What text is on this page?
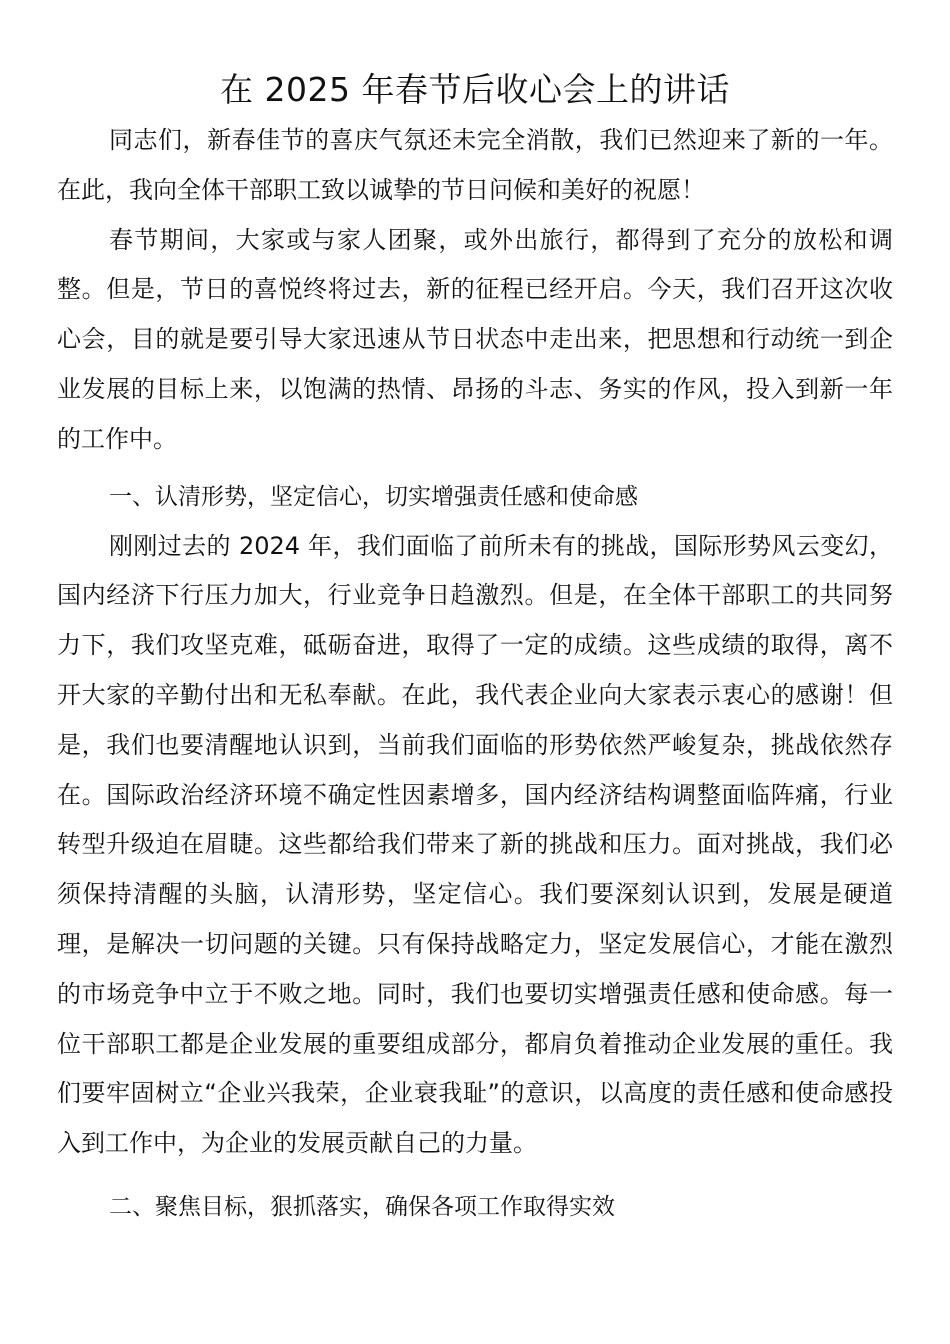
在 2025 年春节后收心会上的讲话

同志们，新春佳节的喜庆气氛还未完全消散，我们已然迎来了新的一年。在此，我向全体干部职工致以诚挚的节日问候和美好的祝愿！

春节期间，大家或与家人团聚，或外出旅行，都得到了充分的放松和调整。但是，节日的喜悦终将过去，新的征程已经开启。今天，我们召开这次收心会，目的就是要引导大家迅速从节日状态中走出来，把思想和行动统一到企业发展的目标上来，以饱满的热情、昂扬的斗志、务实的作风，投入到新一年的工作中。

一、认清形势，坚定信心，切实增强责任感和使命感

刚刚过去的 2024 年，我们面临了前所未有的挑战，国际形势风云变幻，国内经济下行压力加大，行业竞争日趋激烈。但是，在全体干部职工的共同努力下，我们攻坚克难，砥砺奋进，取得了一定的成绩。这些成绩的取得，离不开大家的辛勤付出和无私奉献。在此，我代表企业向大家表示衷心的感谢！但是，我们也要清醒地认识到，当前我们面临的形势依然严峻复杂，挑战依然存在。国际政治经济环境不确定性因素增多，国内经济结构调整面临阵痛，行业转型升级迫在眉睫。这些都给我们带来了新的挑战和压力。面对挑战，我们必须保持清醒的头脑，认清形势，坚定信心。我们要深刻认识到，发展是硬道理，是解决一切问题的关键。只有保持战略定力，坚定发展信心，才能在激烈的市场竞争中立于不败之地。同时，我们也要切实增强责任感和使命感。每一位干部职工都是企业发展的重要组成部分，都肩负着推动企业发展的重任。我们要牢固树立“企业兴我荣，企业衰我耻”的意识，以高度的责任感和使命感投入到工作中，为企业的发展贡献自己的力量。

二、聚焦目标，狠抓落实，确保各项工作取得实效
